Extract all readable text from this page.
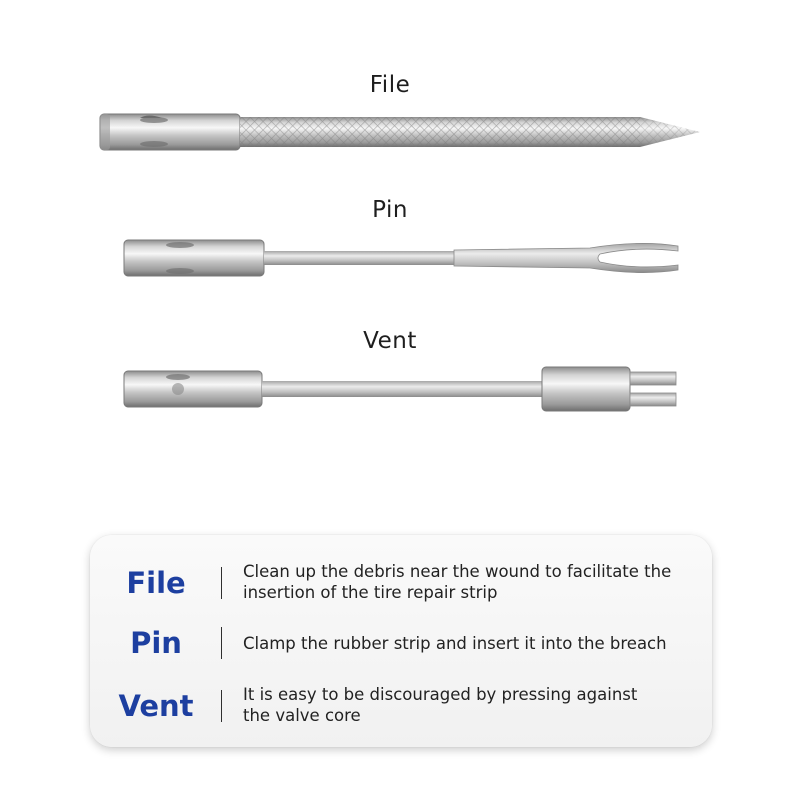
File
Pin
Vent
File	Clean up the debris near the wound to facilitate the insertion of the tire repair strip
Pin	Clamp the rubber strip and insert it into the breach
Vent	It is easy to be discouraged by pressing against the valve core
